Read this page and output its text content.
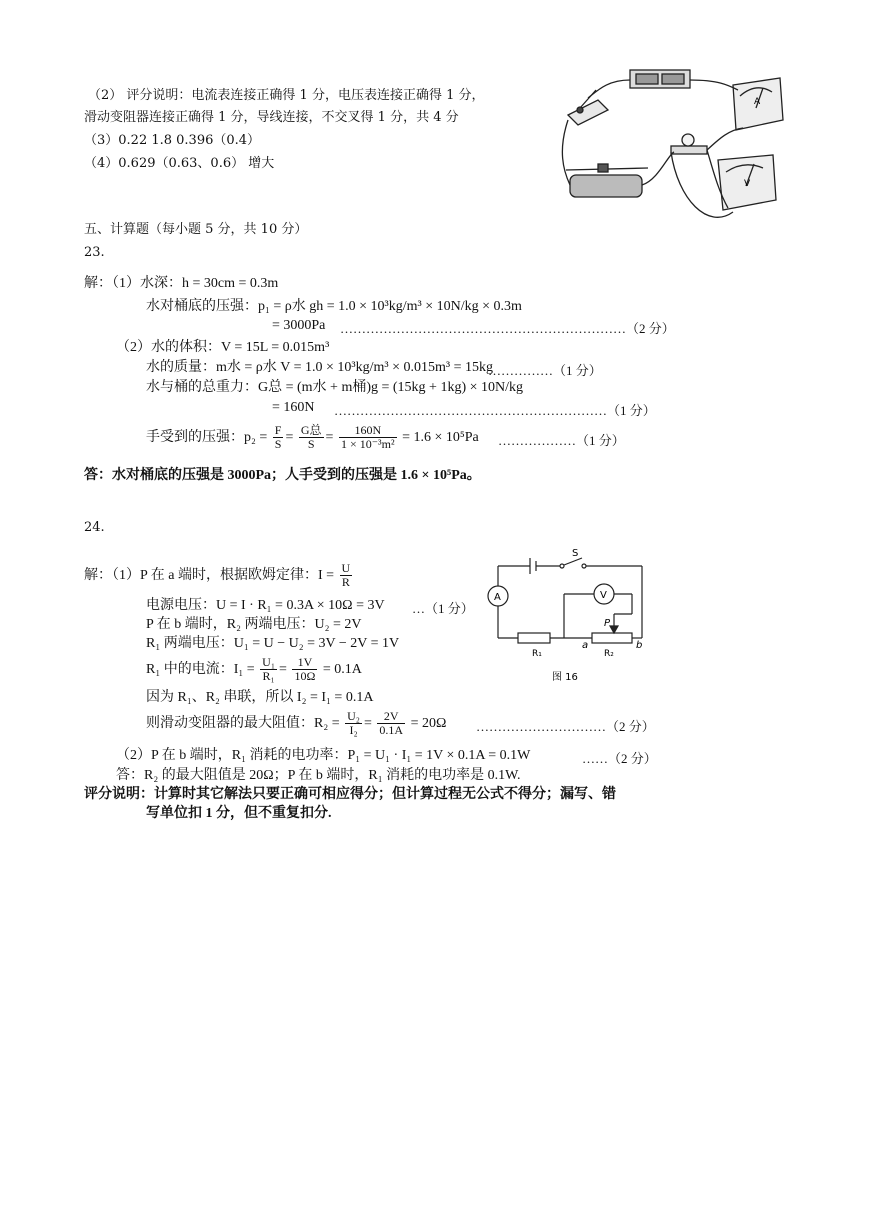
（2） 评分说明：电流表连接正确得 1 分，电压表连接正确得 1 分，
滑动变阻器连接正确得 1 分，导线连接，不交叉得 1 分，共 4 分
（3）0.22 1.8 0.396（0.4）
（4）0.629（0.63、0.6） 增大
A
V
五、计算题（每小题 5 分，共 10 分）
23.
解：（1）水深：h = 30cm = 0.3m
水对桶底的压强：p₁ = ρ水 gh = 1.0 × 10³kg/m³ × 10N/kg × 0.3m
= 3000Pa …………………………………………………………（2 分）
（2）水的体积：V = 15L = 0.015m³
水的质量：m水 = ρ水 V = 1.0 × 10³kg/m³ × 0.015m³ = 15kg
……………（1 分）
水与桶的总重力：G总 = (m水 + m桶)g = (15kg + 1kg) × 10N/kg
= 160N ………………………………………………………（1 分）
手受到的压强：$p_2 = \frac{F}{S} = \frac{\text{G总}}{S} = \frac{160N}{\text{1 × 10⁻³m²}} = 1.6 \times 10^5Pa$ ………………（1 分）
答：水对桶底的压强是 3000Pa；人手受到的压强是 1.6 × 10⁵Pa。
24.
解：（1）P 在 a 端时，根据欧姆定律：$I = \frac{U}{R}$
电源电压：U = I · R₁ = 0.3A × 10Ω = 3V …（1 分）
P 在 b 端时，R₂ 两端电压：U₂ = 2V
R₁ 两端电压：U₁ = U − U₂ = 3V − 2V = 1V
R₁ 中的电流：$I_1 = \frac{\text{U₁}}{\text{R₁}} = \frac{1V}{10\Omega} = 0.1A$
因为 R₁、R₂ 串联，所以 I₂ = I₁ = 0.1A
则滑动变阻器的最大阻值：$R_2 = \frac{\text{U₂}}{\text{I₂}} = \frac{2V}{0.1A} = 20\Omega$ …………………………（2 分）
（2）P 在 b 端时，R₁ 消耗的电功率：P₁ = U₁ · I₁ = 1V × 0.1A = 0.1W	……（2 分）
答：R₂ 的最大阻值是 20Ω；P 在 b 端时，R₁ 消耗的电功率是 0.1W.
评分说明：计算时其它解法只要正确可相应得分；但计算过程无公式不得分；漏写、错
写单位扣 1 分，但不重复扣分.
S
A	V
R₁	R₂
a	b
P
图 16
